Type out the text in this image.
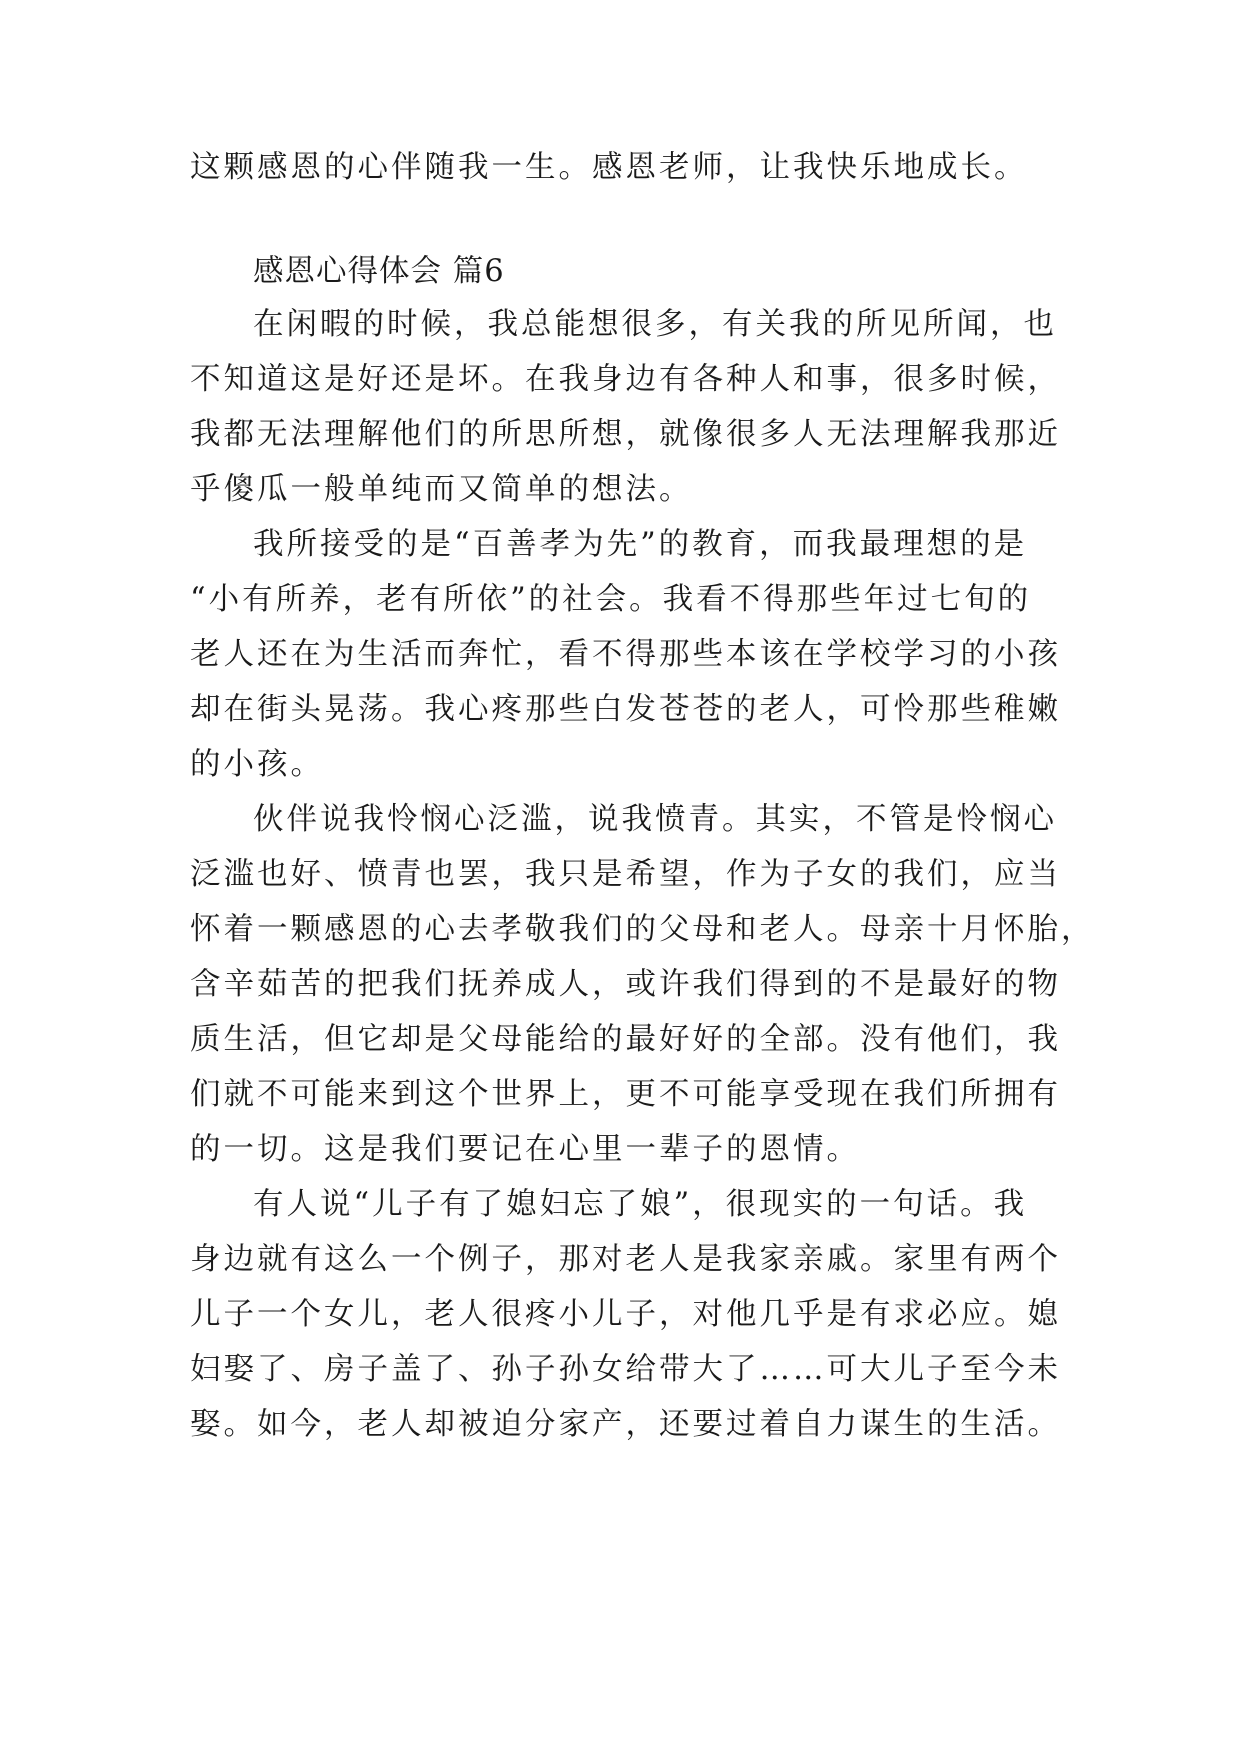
这颗感恩的心伴随我一生。感恩老师，让我快乐地成长。
感恩心得体会 篇6
在闲暇的时候，我总能想很多，有关我的所见所闻，也
不知道这是好还是坏。在我身边有各种人和事，很多时候，
我都无法理解他们的所思所想，就像很多人无法理解我那近
乎傻瓜一般单纯而又简单的想法。
我所接受的是“百善孝为先”的教育，而我最理想的是
“小有所养，老有所依”的社会。我看不得那些年过七旬的
老人还在为生活而奔忙，看不得那些本该在学校学习的小孩
却在街头晃荡。我心疼那些白发苍苍的老人，可怜那些稚嫩
的小孩。
伙伴说我怜悯心泛滥，说我愤青。其实，不管是怜悯心
泛滥也好、愤青也罢，我只是希望，作为子女的我们，应当
怀着一颗感恩的心去孝敬我们的父母和老人。母亲十月怀胎，
含辛茹苦的把我们抚养成人，或许我们得到的不是最好的物
质生活，但它却是父母能给的最好好的全部。没有他们，我
们就不可能来到这个世界上，更不可能享受现在我们所拥有
的一切。这是我们要记在心里一辈子的恩情。
有人说“儿子有了媳妇忘了娘”，很现实的一句话。我
身边就有这么一个例子，那对老人是我家亲戚。家里有两个
儿子一个女儿，老人很疼小儿子，对他几乎是有求必应。媳
妇娶了、房子盖了、孙子孙女给带大了……可大儿子至今未
娶。如今，老人却被迫分家产，还要过着自力谋生的生活。
